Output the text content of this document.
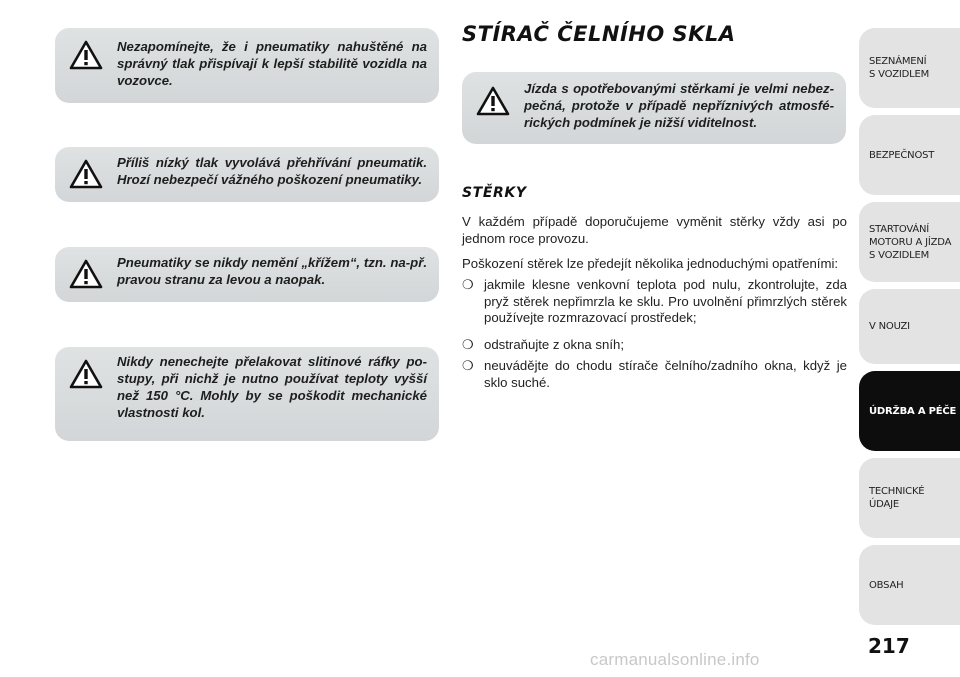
Nezapomínejte, že i pneumatiky nahuštěné na správný tlak přispívají k lepší stabilitě vozidla na vozovce.
Příliš nízký tlak vyvolává přehřívání pneumatik. Hrozí nebezpečí vážného poškození pneumatiky.
Pneumatiky se nikdy nemění „křížem“, tzn. na-př. pravou stranu za levou a naopak.
Nikdy nenechejte přelakovat slitinové ráfky po-stupy, při nichž je nutno používat teploty vyšší než 150 °C. Mohly by se poškodit mechanické vlastnosti kol.
STÍRAČ ČELNÍHO SKLA
Jízda s opotřebovanými stěrkami je velmi nebez-pečná, protože v případě nepříznivých atmosfé-rických podmínek je nižší viditelnost.
STĚRKY
V každém případě doporučujeme vyměnit stěrky vždy asi po jednom roce provozu.
Poškození stěrek lze předejít několika jednoduchými opatřeními:
❍ jakmile klesne venkovní teplota pod nulu, zkontrolujte, zda pryž stěrek nepřimrzla ke sklu. Pro uvolnění přimrzlých stěrek používejte rozmrazovací prostředek;
❍ odstraňujte z okna sníh;
❍ neuvádějte do chodu stírače čelního/zadního okna, když je sklo suché.
SEZNÁMENÍ
S VOZIDLEM
BEZPEČNOST
STARTOVÁNÍ
MOTORU A JÍZDA
S VOZIDLEM
V NOUZI
ÚDRŽBA A PÉČE
TECHNICKÉ
ÚDAJE
OBSAH
217
carmanualsonline.info
